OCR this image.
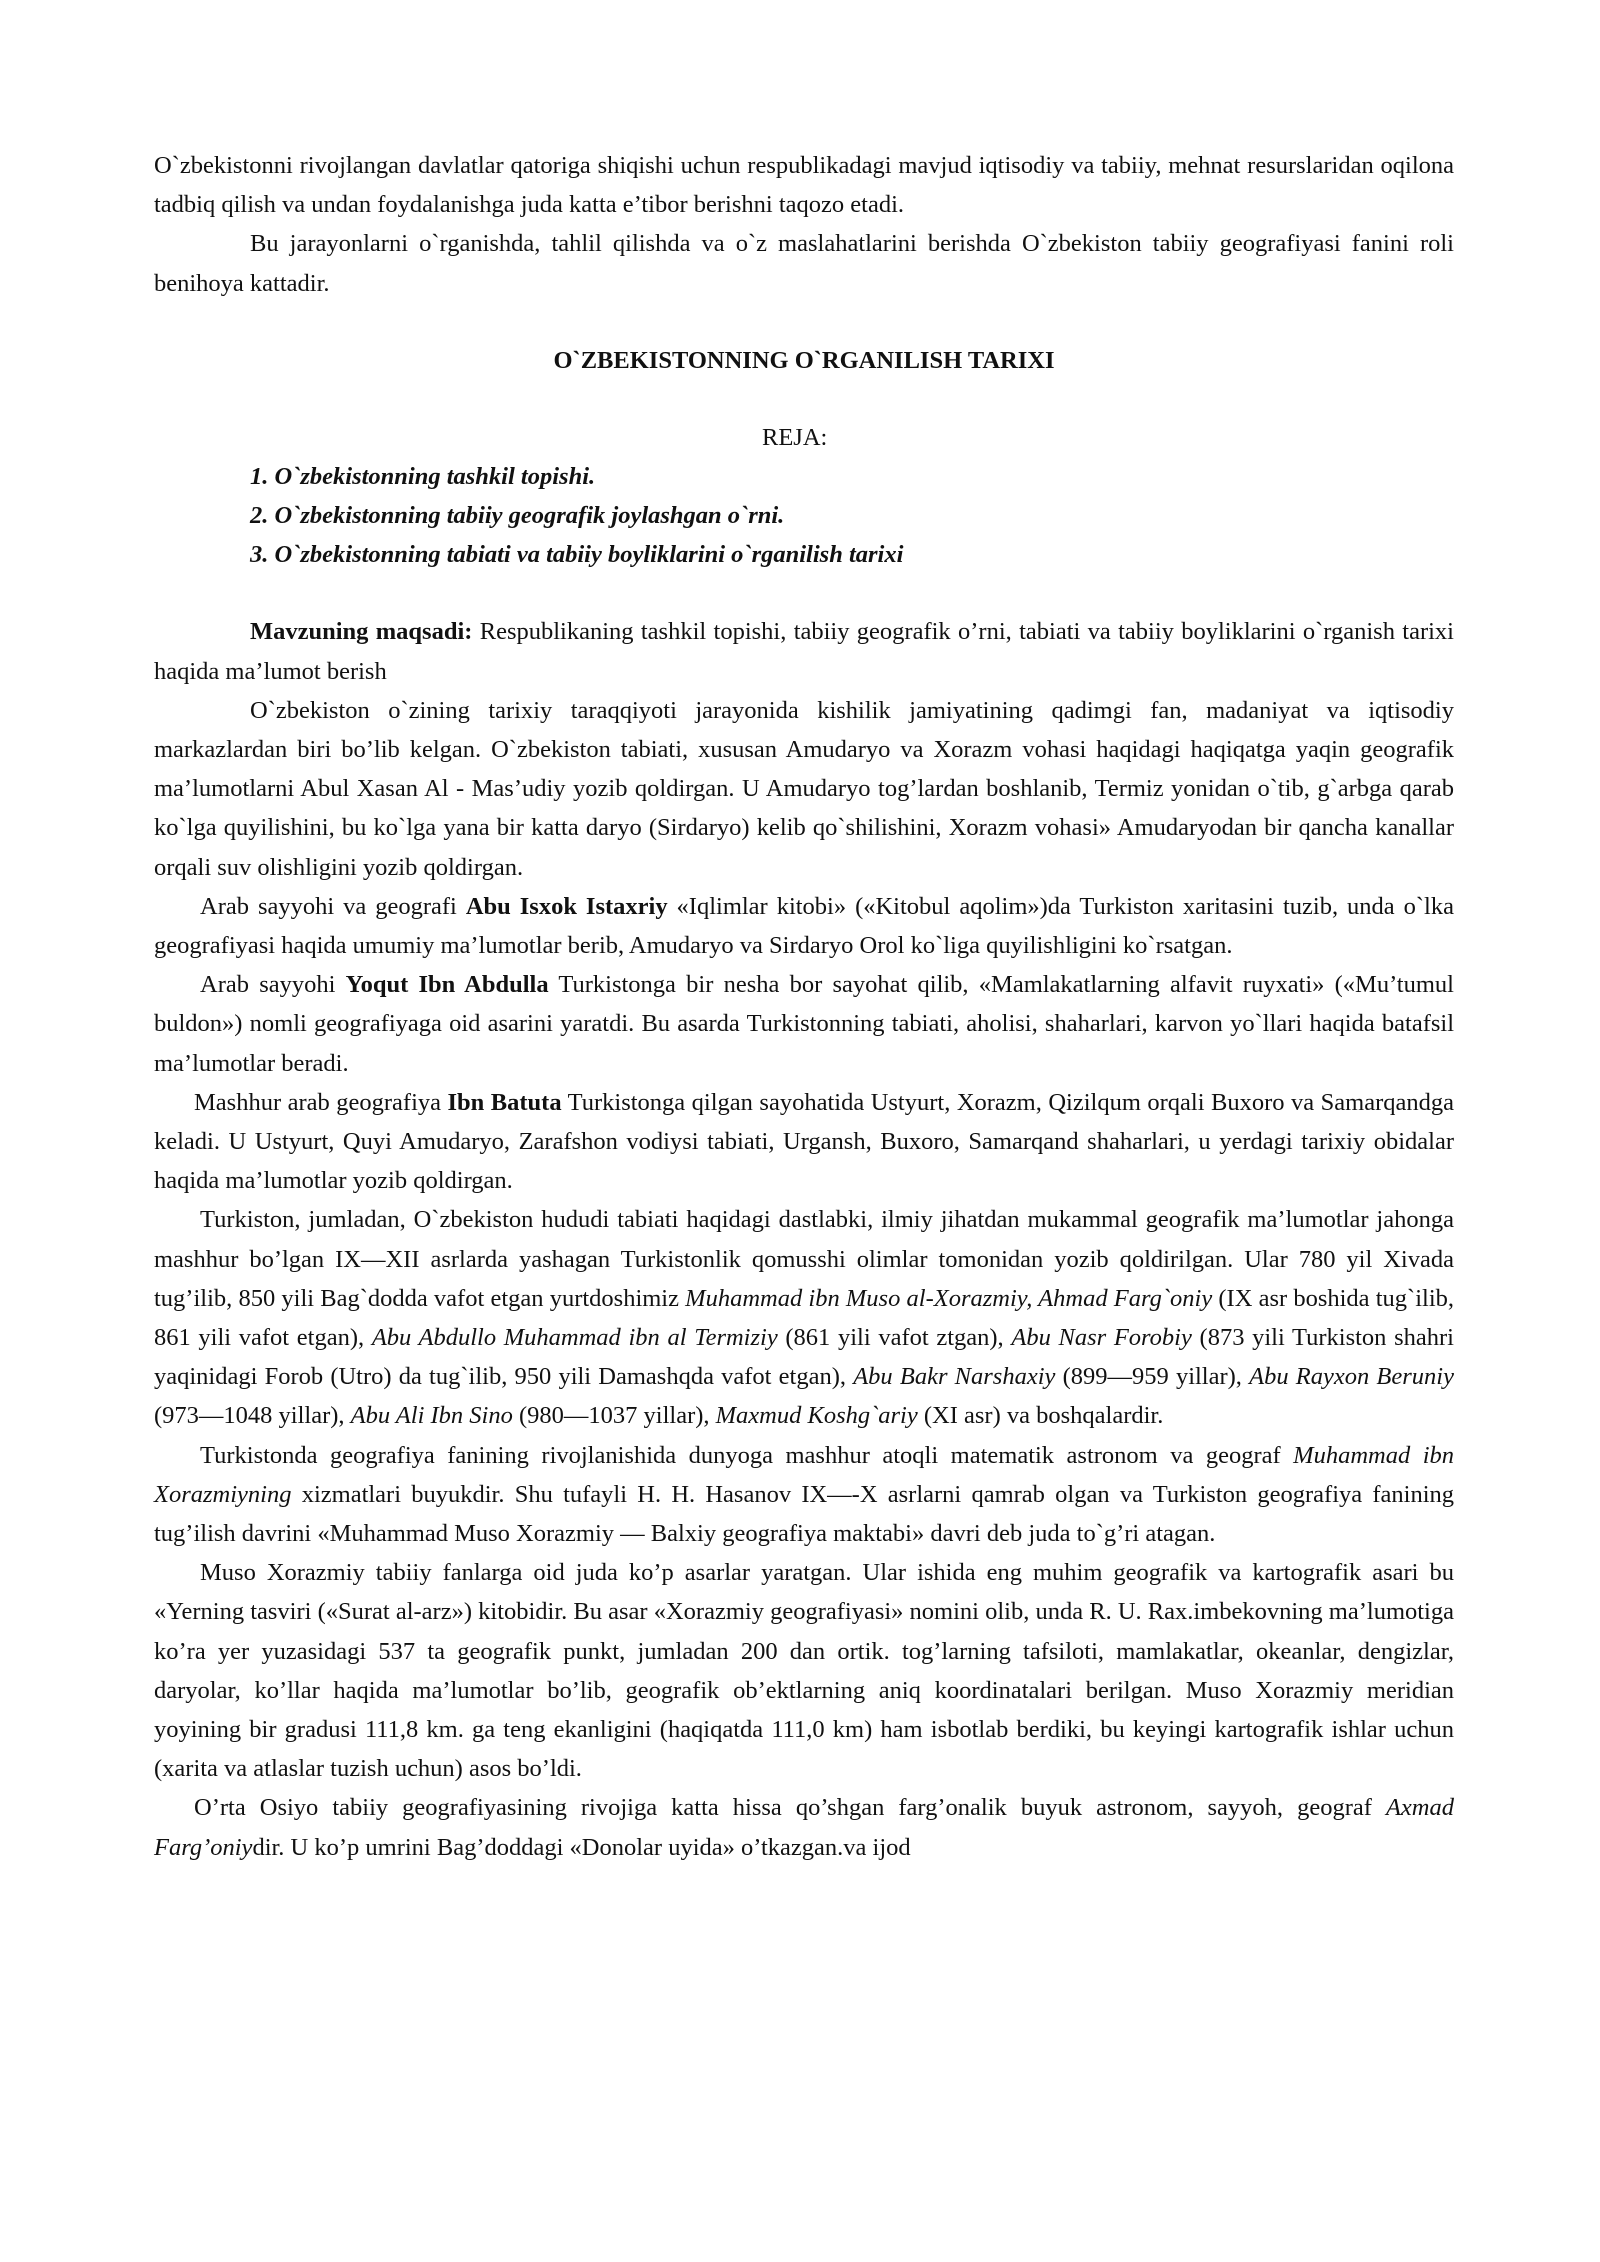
O`zbekistonni rivojlangan davlatlar qatoriga shiqishi uchun respublikadagi mavjud iqtisodiy va tabiiy, mehnat resurslaridan oqilona tadbiq qilish va undan foydalanishga juda katta e’tibor berishni taqozo etadi.

Bu jarayonlarni o`rganishda, tahlil qilishda va o`z maslahatlarini berishda O`zbekiston tabiiy geografiyasi fanini roli benihoya kattadir.

O`ZBEKISTONNING O`RGANILISH TARIXI
REJA:
1. O`zbekistonning tashkil topishi.
2. O`zbekistonning tabiiy geografik joylashgan o`rni.
3. O`zbekistonning tabiati va tabiiy boyliklarini o`rganilish tarixi

Mavzuning maqsadi: Respublikaning tashkil topishi, tabiiy geografik o’rni, tabiati va tabiiy boyliklarini o`rganish tarixi haqida ma’lumot berish

O`zbekiston o`zining tarixiy taraqqiyoti jarayonida kishilik jamiyatining qadimgi fan, madaniyat va iqtisodiy markazlardan biri bo’lib kelgan. O`zbekiston tabiati, xususan Amudaryo va Xorazm vohasi haqidagi haqiqatga yaqin geografik ma’lumotlarni Abul Xasan Al - Mas’udiy yozib qoldirgan. U Amudaryo tog’lardan boshlanib, Termiz yonidan o`tib, g`arbga qarab ko`lga quyilishini, bu ko`lga yana bir katta daryo (Sirdaryo) kelib qo`shilishini, Xorazm vohasi» Amudaryodan bir qancha kanallar orqali suv olishligini yozib qoldirgan.

Arab sayyohi va geografi Abu Isxok Istaxriy «Iqlimlar kitobi» («Kitobul aqolim»)da Turkiston xaritasini tuzib, unda o`lka geografiyasi haqida umumiy ma’lumotlar berib, Amudaryo va Sirdaryo Orol ko`liga quyilishligini ko`rsatgan.

Arab sayyohi Yoqut Ibn Abdulla Turkistonga bir nesha bor sayohat qilib, «Mamlakatlarning alfavit ruyxati» («Mu’tumul buldon») nomli geografiyaga oid asarini yaratdi. Bu asarda Turkistonning tabiati, aholisi, shaharlari, karvon yo`llari haqida batafsil ma’lumotlar beradi.

Mashhur arab geografiya Ibn Batuta Turkistonga qilgan sayohatida Ustyurt, Xorazm, Qizilqum orqali Buxoro va Samarqandga keladi. U Ustyurt, Quyi Amudaryo, Zarafshon vodiysi tabiati, Urgansh, Buxoro, Samarqand shaharlari, u yerdagi tarixiy obidalar haqida ma’lumotlar yozib qoldirgan.

Turkiston, jumladan, O`zbekiston hududi tabiati haqidagi dastlabki, ilmiy jihatdan mukammal geografik ma’lumotlar jahonga mashhur bo’lgan IX—XII asrlarda yashagan Turkistonlik qomusshi olimlar tomonidan yozib qoldirilgan. Ular 780 yil Xivada tug’ilib, 850 yili Bag`dodda vafot etgan yurtdoshimiz Muhammad ibn Muso al-Xorazmiy, Ahmad Farg`oniy (IX asr boshida tug`ilib, 861 yili vafot etgan), Abu Abdullo Muhammad ibn al Termiziy (861 yili vafot ztgan), Abu Nasr Forobiy (873 yili Turkiston shahri yaqinidagi Forob (Utro) da tug`ilib, 950 yili Damashqda vafot etgan), Abu Bakr Narshaxiy (899—959 yillar), Abu Rayxon Beruniy (973—1048 yillar), Abu Ali Ibn Sino (980—1037 yillar), Maxmud Koshg`ariy (XI asr) va boshqalardir.

Turkistonda geografiya fanining rivojlanishida dunyoga mashhur atoqli matematik astronom va geograf Muhammad ibn Xorazmiyning xizmatlari buyukdir. Shu tufayli H. H. Hasanov IX—-X asrlarni qamrab olgan va Turkiston geografiya fanining tug’ilish davrini «Muhammad Muso Xorazmiy — Balxiy geografiya maktabi» davri deb juda to`g’ri atagan.

Muso Xorazmiy tabiiy fanlarga oid juda ko’p asarlar yaratgan. Ular ishida eng muhim geografik va kartografik asari bu «Yerning tasviri («Surat al-arz») kitobidir. Bu asar «Xorazmiy geografiyasi» nomini olib, unda R. U. Rax.imbekovning ma’lumotiga ko’ra yer yuzasidagi 537 ta geografik punkt, jumladan 200 dan ortik. tog’larning tafsiloti, mamlakatlar, okeanlar, dengizlar, daryolar, ko’llar haqida ma’lumotlar bo’lib, geografik ob’ektlarning aniq koordinatalari berilgan. Muso Xorazmiy meridian yoyining bir gradusi 111,8 km. ga teng ekanligini (haqiqatda 111,0 km) ham isbotlab berdiki, bu keyingi kartografik ishlar uchun (xarita va atlaslar tuzish uchun) asos bo’ldi.

O’rta Osiyo tabiiy geografiyasining rivojiga katta hissa qo’shgan farg’onalik buyuk astronom, sayyoh, geograf Axmad Farg’oniydir. U ko’p umrini Bag’doddagi «Donolar uyida» o’tkazgan.va ijod
